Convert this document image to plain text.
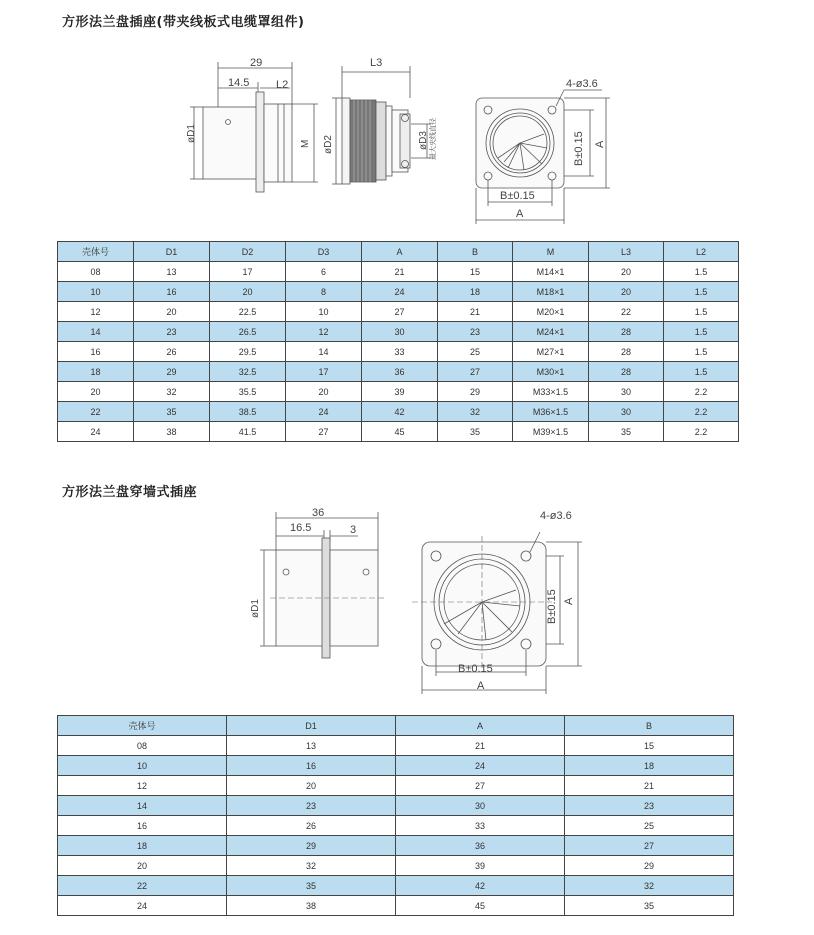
方形法兰盘插座(带夹线板式电缆罩组件)
29
14.5 L2
øD1
M
L3
øD2	øD3 最大夹线直径
4-ø3.6
B±0.15
A
B±0.15 A
壳体号	D1	D2	D3	A	B	M	L3	L2
08	13	17	6	21	15	M14×1	20	1.5
10	16	20	8	24	18	M18×1	20	1.5
12	20	22.5	10	27	21	M20×1	22	1.5
14	23	26.5	12	30	23	M24×1	28	1.5
16	26	29.5	14	33	25	M27×1	28	1.5
18	29	32.5	17	36	27	M30×1	28	1.5
20	32	35.5	20	39	29	M33×1.5	30	2.2
22	35	38.5	24	42	32	M36×1.5	30	2.2
24	38	41.5	27	45	35	M39×1.5	35	2.2
方形法兰盘穿墙式插座
36
16.5	3
øD1
4-ø3.6
B±0.15
A
B±0.15 A
壳体号	D1	A	B
08	13	21	15
10	16	24	18
12	20	27	21
14	23	30	23
16	26	33	25
18	29	36	27
20	32	39	29
22	35	42	32
24	38	45	35
